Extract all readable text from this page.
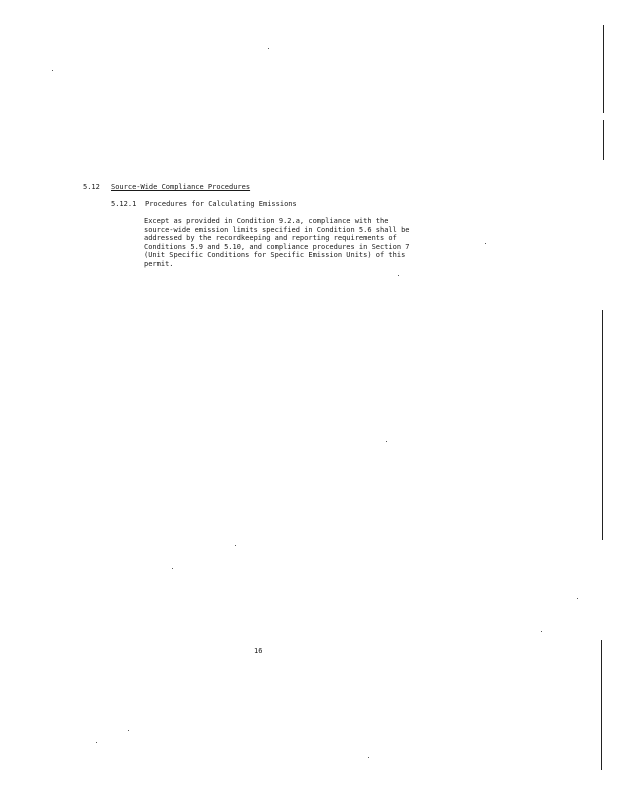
5.12 Source-Wide Compliance Procedures
5.12.1 Procedures for Calculating Emissions

Except as provided in Condition 9.2.a, compliance with the
source-wide emission limits specified in Condition 5.6 shall be
addressed by the recordkeeping and reporting requirements of
Conditions 5.9 and 5.10, and compliance procedures in Section 7
(Unit Specific Conditions for Specific Emission Units) of this
permit.

16
